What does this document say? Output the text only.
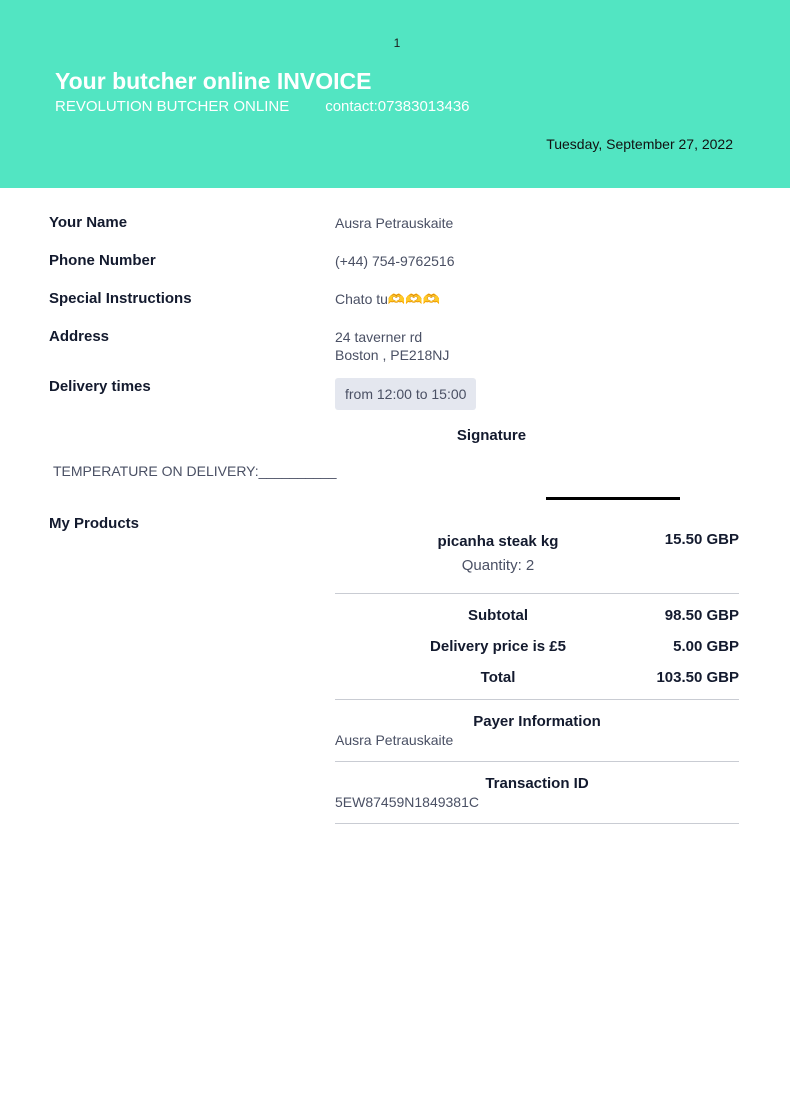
1
Your butcher online INVOICE
REVOLUTION BUTCHER ONLINE contact:07383013436
Tuesday, September 27, 2022
Your Name	Ausra Petrauskaite
Phone Number	(+44) 754-9762516
Special Instructions	Chato tu🫶🫶🫶
Address	24 taverner rd
Boston , PE218NJ
Delivery times	from 12:00 to 15:00
Signature
TEMPERATURE ON DELIVERY:__________
My Products
picanha steak kg	15.50 GBP
Quantity: 2
Subtotal	98.50 GBP
Delivery price is £5	5.00 GBP
Total	103.50 GBP
Payer Information
Ausra Petrauskaite
Transaction ID
5EW87459N1849381C
